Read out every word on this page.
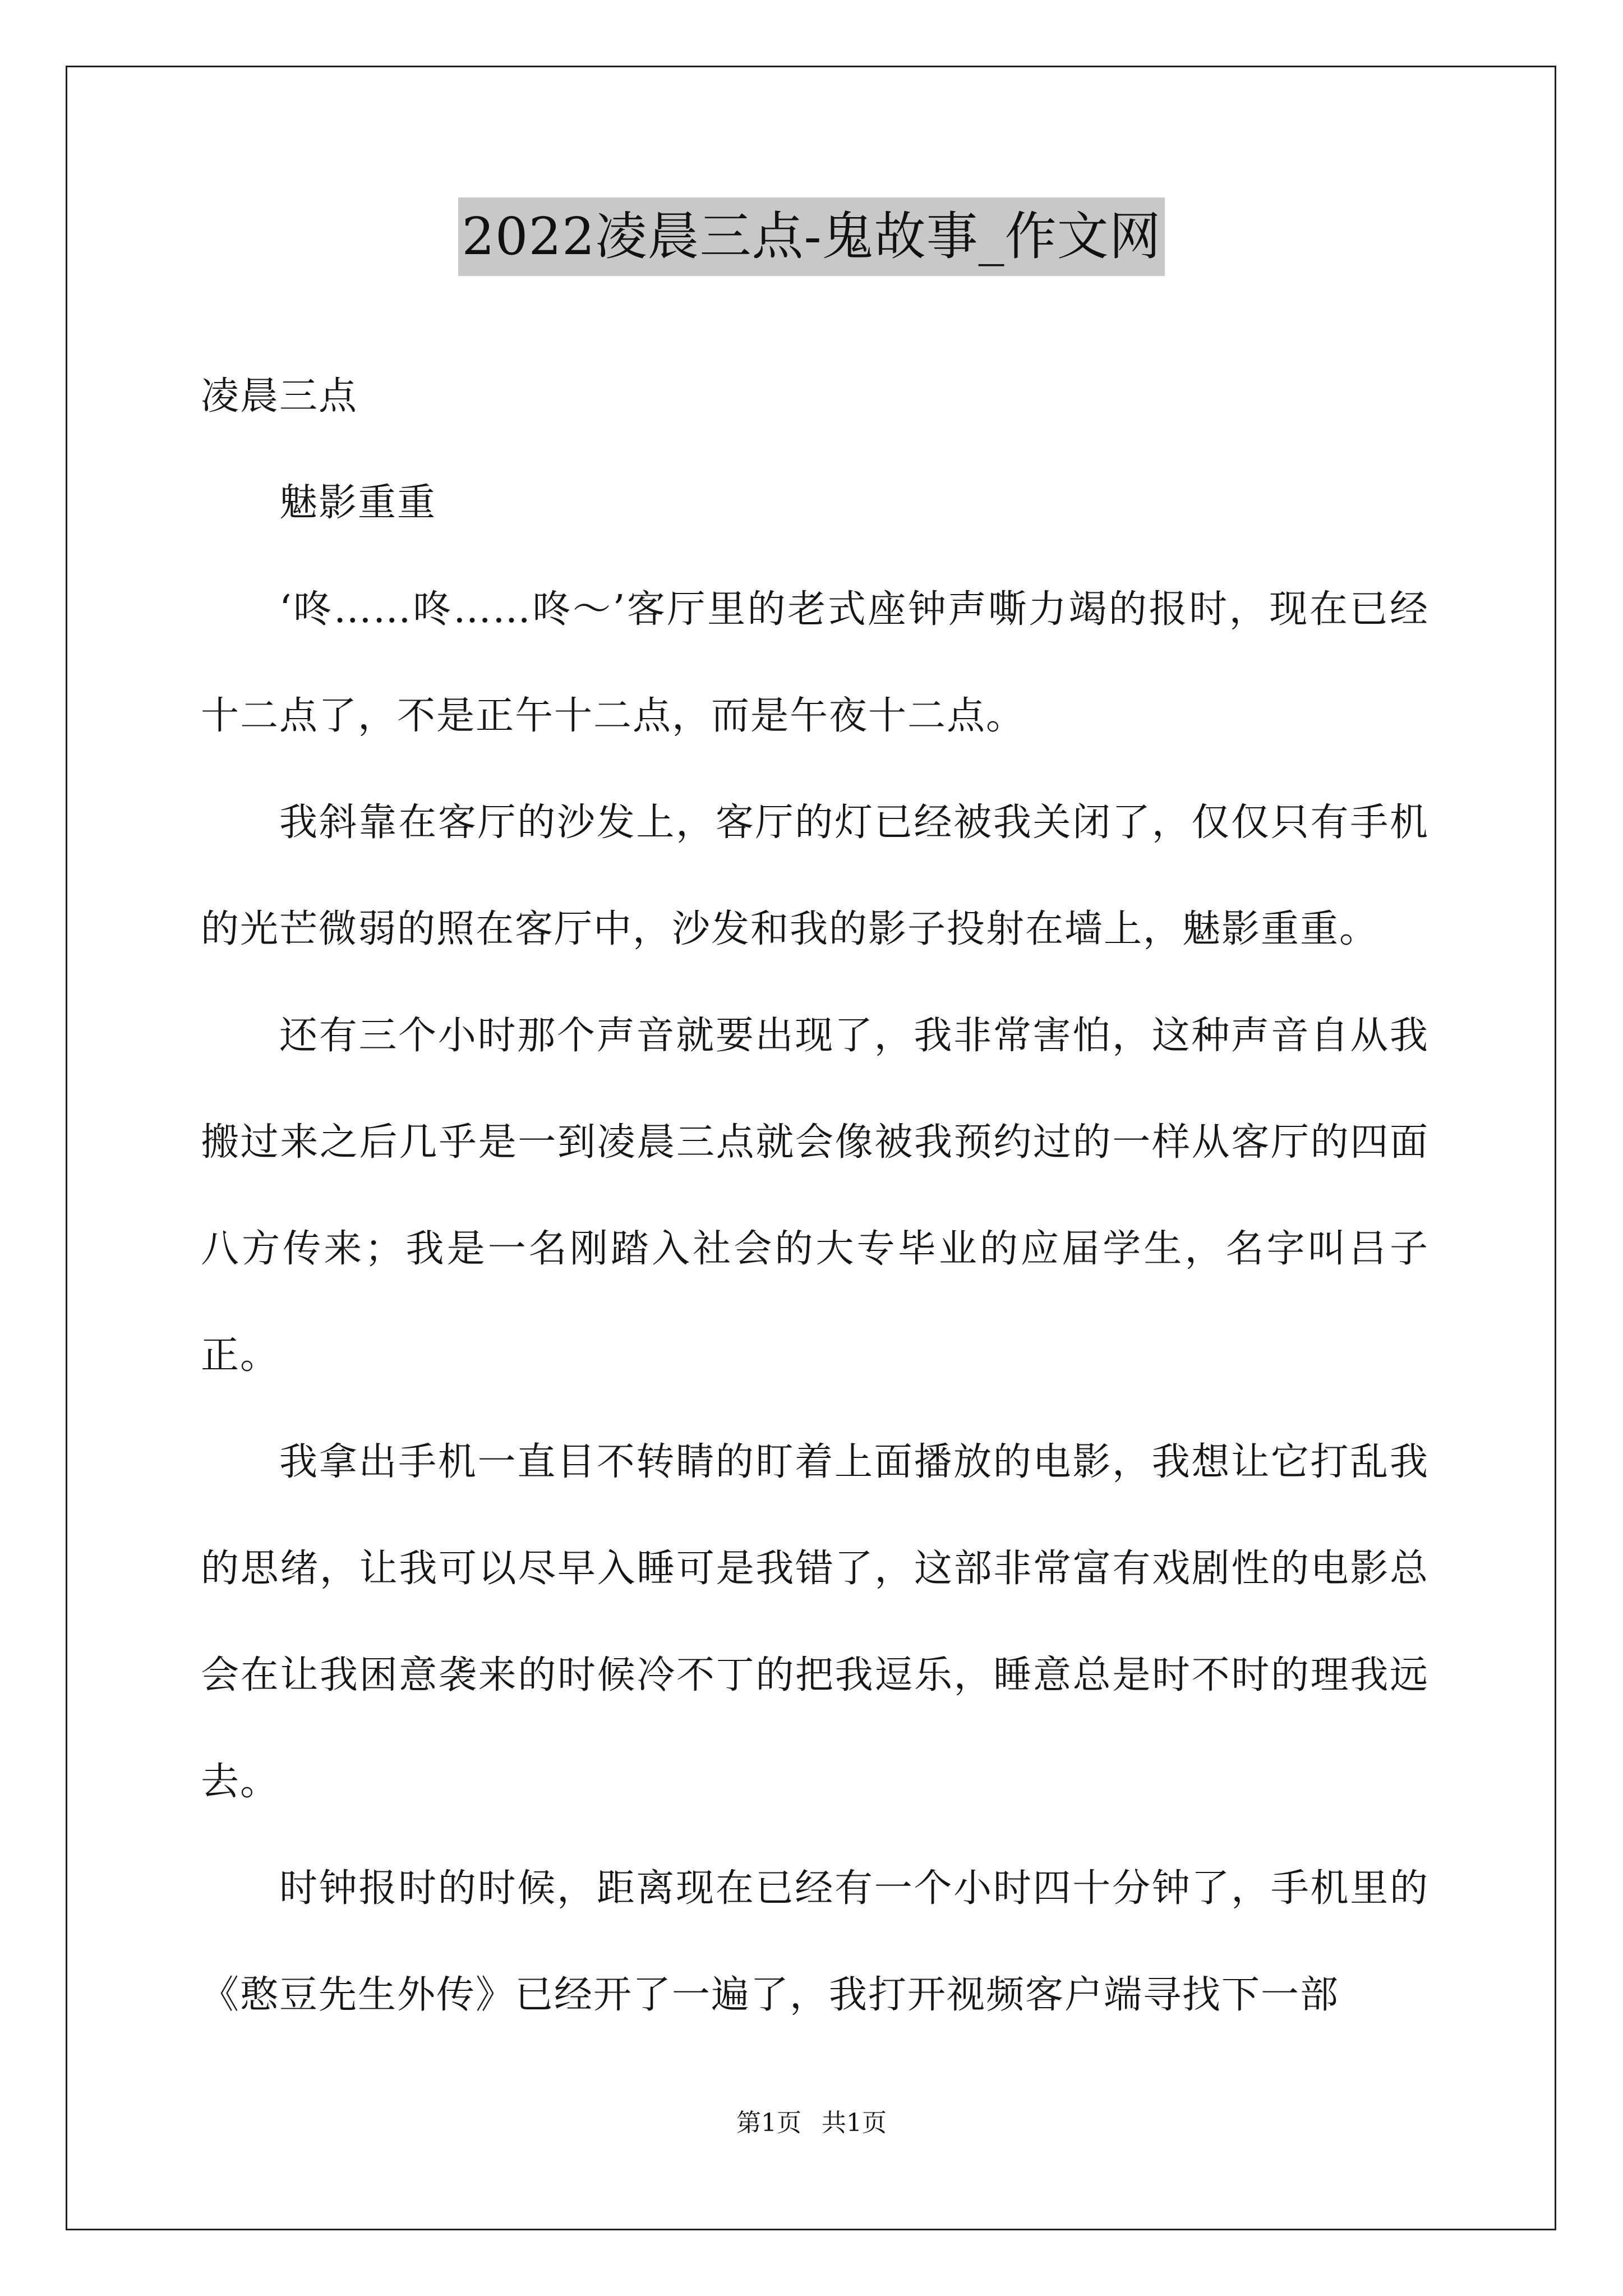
2022凌晨三点-鬼故事_作文网

凌晨三点

魅影重重

‘咚……咚……咚～’客厅里的老式座钟声嘶力竭的报时，现在已经十二点了，不是正午十二点，而是午夜十二点。

我斜靠在客厅的沙发上，客厅的灯已经被我关闭了，仅仅只有手机的光芒微弱的照在客厅中，沙发和我的影子投射在墙上，魅影重重。

还有三个小时那个声音就要出现了，我非常害怕，这种声音自从我搬过来之后几乎是一到凌晨三点就会像被我预约过的一样从客厅的四面八方传来；我是一名刚踏入社会的大专毕业的应届学生，名字叫吕子正。

我拿出手机一直目不转睛的盯着上面播放的电影，我想让它打乱我的思绪，让我可以尽早入睡可是我错了，这部非常富有戏剧性的电影总会在让我困意袭来的时候冷不丁的把我逗乐，睡意总是时不时的理我远去。

时钟报时的时候，距离现在已经有一个小时四十分钟了，手机里的《憨豆先生外传》已经开了一遍了，我打开视频客户端寻找下一部

第1页 共1页
